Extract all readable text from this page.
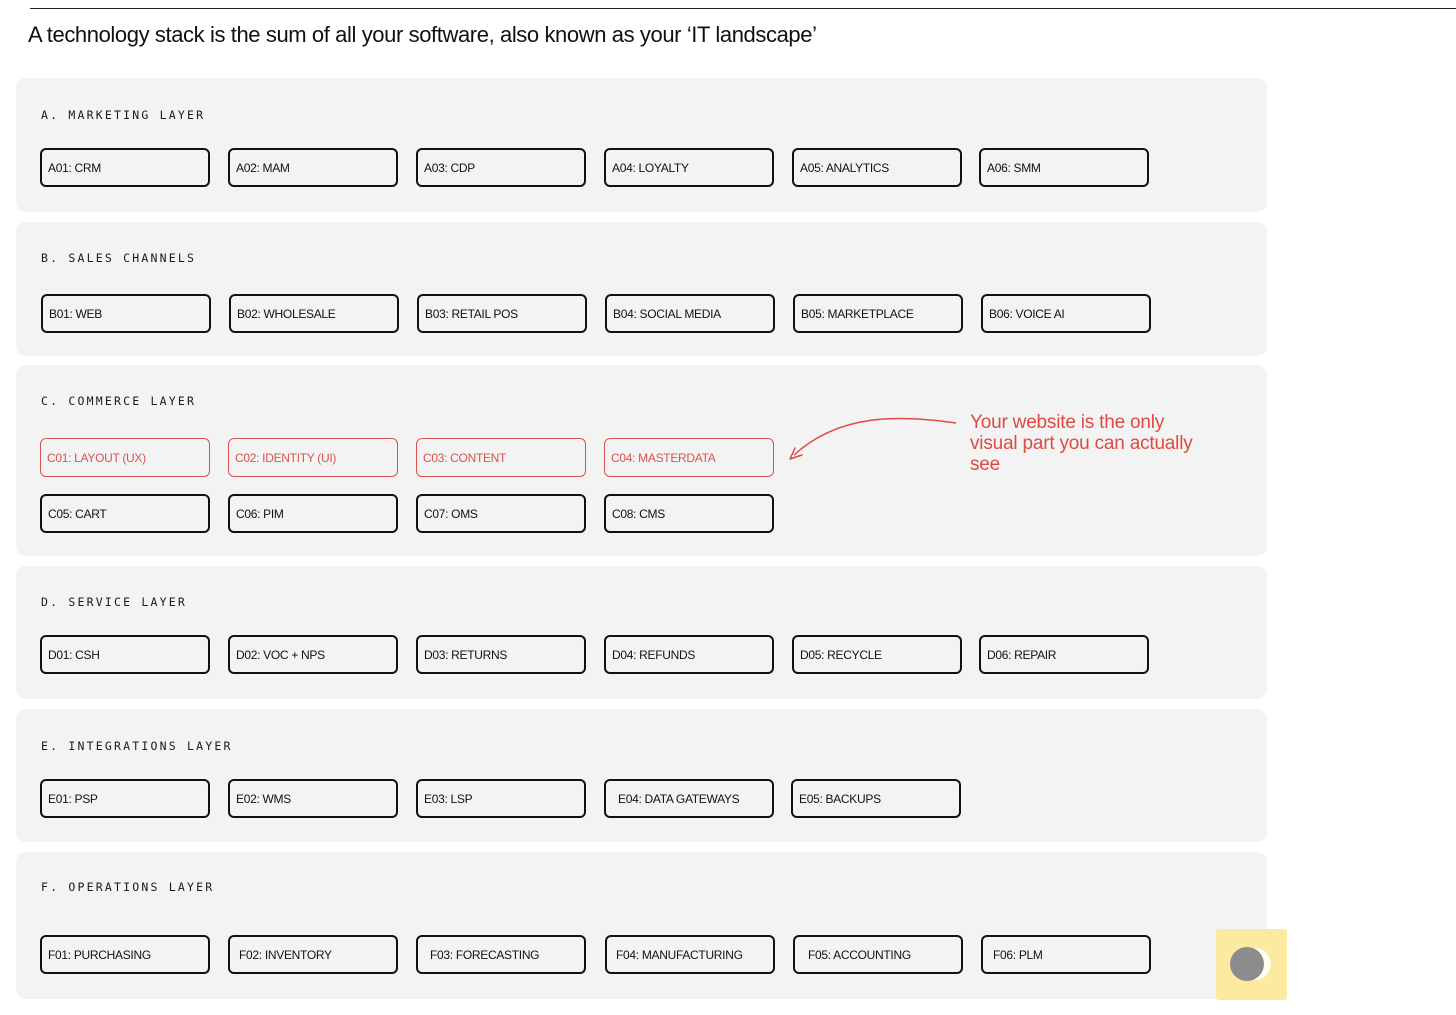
A technology stack is the sum of all your software, also known as your ‘IT landscape’
A. MARKETING LAYER
A01: CRM	A02: MAM	A03: CDP	A04: LOYALTY	A05: ANALYTICS	A06: SMM
B. SALES CHANNELS
B01: WEB	B02: WHOLESALE	B03: RETAIL POS	B04: SOCIAL MEDIA	B05: MARKETPLACE	B06: VOICE AI
C. COMMERCE LAYER
C01: LAYOUT (UX)	C02: IDENTITY (UI)	C03: CONTENT	C04: MASTERDATA
C05: CART	C06: PIM	C07: OMS	C08: CMS
Your website is the only visual part you can actually see
D. SERVICE LAYER
D01: CSH	D02: VOC + NPS	D03: RETURNS	D04: REFUNDS	D05: RECYCLE	D06: REPAIR
E. INTEGRATIONS LAYER
E01: PSP	E02: WMS	E03: LSP	E04: DATA GATEWAYS	E05: BACKUPS
F. OPERATIONS LAYER
F01: PURCHASING	F02: INVENTORY	F03: FORECASTING	F04: MANUFACTURING	F05: ACCOUNTING	F06: PLM
